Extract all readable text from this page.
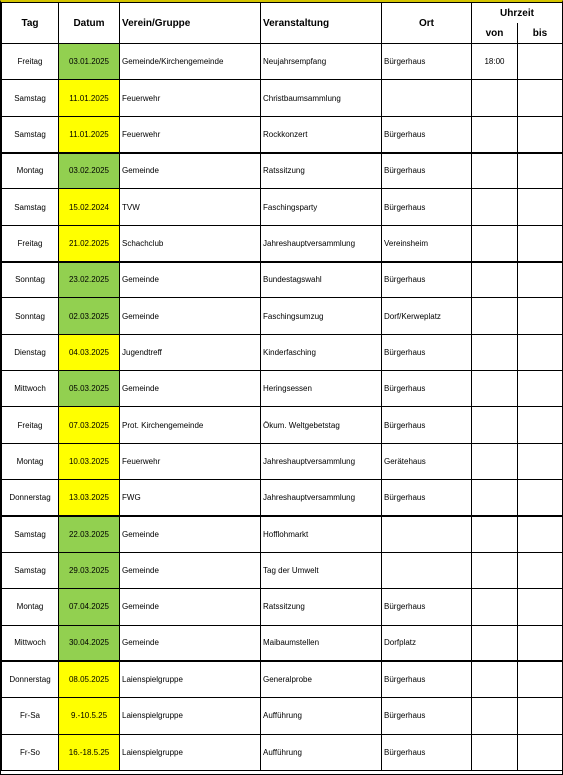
Tag	Datum	Verein/Gruppe	Veranstaltung	Ort	Uhrzeit	
					von	bis
Freitag	03.01.2025	Gemeinde/Kirchengemeinde	Neujahrsempfang	Bürgerhaus	18:00	
Samstag	11.01.2025	Feuerwehr	Christbaumsammlung			
Samstag	11.01.2025	Feuerwehr	Rockkonzert	Bürgerhaus		
Montag	03.02.2025	Gemeinde	Ratssitzung	Bürgerhaus		
Samstag	15.02.2024	TVW	Faschingsparty	Bürgerhaus		
Freitag	21.02.2025	Schachclub	Jahreshauptversammlung	Vereinsheim		
Sonntag	23.02.2025	Gemeinde	Bundestagswahl	Bürgerhaus		
Sonntag	02.03.2025	Gemeinde	Faschingsumzug	Dorf/Kerweplatz		
Dienstag	04.03.2025	Jugendtreff	Kinderfasching	Bürgerhaus		
Mittwoch	05.03.2025	Gemeinde	Heringsessen	Bürgerhaus		
Freitag	07.03.2025	Prot. Kirchengemeinde	Ökum. Weltgebetstag	Bürgerhaus		
Montag	10.03.2025	Feuerwehr	Jahreshauptversammlung	Gerätehaus		
Donnerstag	13.03.2025	FWG	Jahreshauptversammlung	Bürgerhaus		
Samstag	22.03.2025	Gemeinde	Hofflohmarkt			
Samstag	29.03.2025	Gemeinde	Tag der Umwelt			
Montag	07.04.2025	Gemeinde	Ratssitzung	Bürgerhaus		
Mittwoch	30.04.2025	Gemeinde	Maibaumstellen	Dorfplatz		
Donnerstag	08.05.2025	Laienspielgruppe	Generalprobe	Bürgerhaus		
Fr-Sa	9.-10.5.25	Laienspielgruppe	Aufführung	Bürgerhaus		
Fr-So	16.-18.5.25	Laienspielgruppe	Aufführung	Bürgerhaus		
